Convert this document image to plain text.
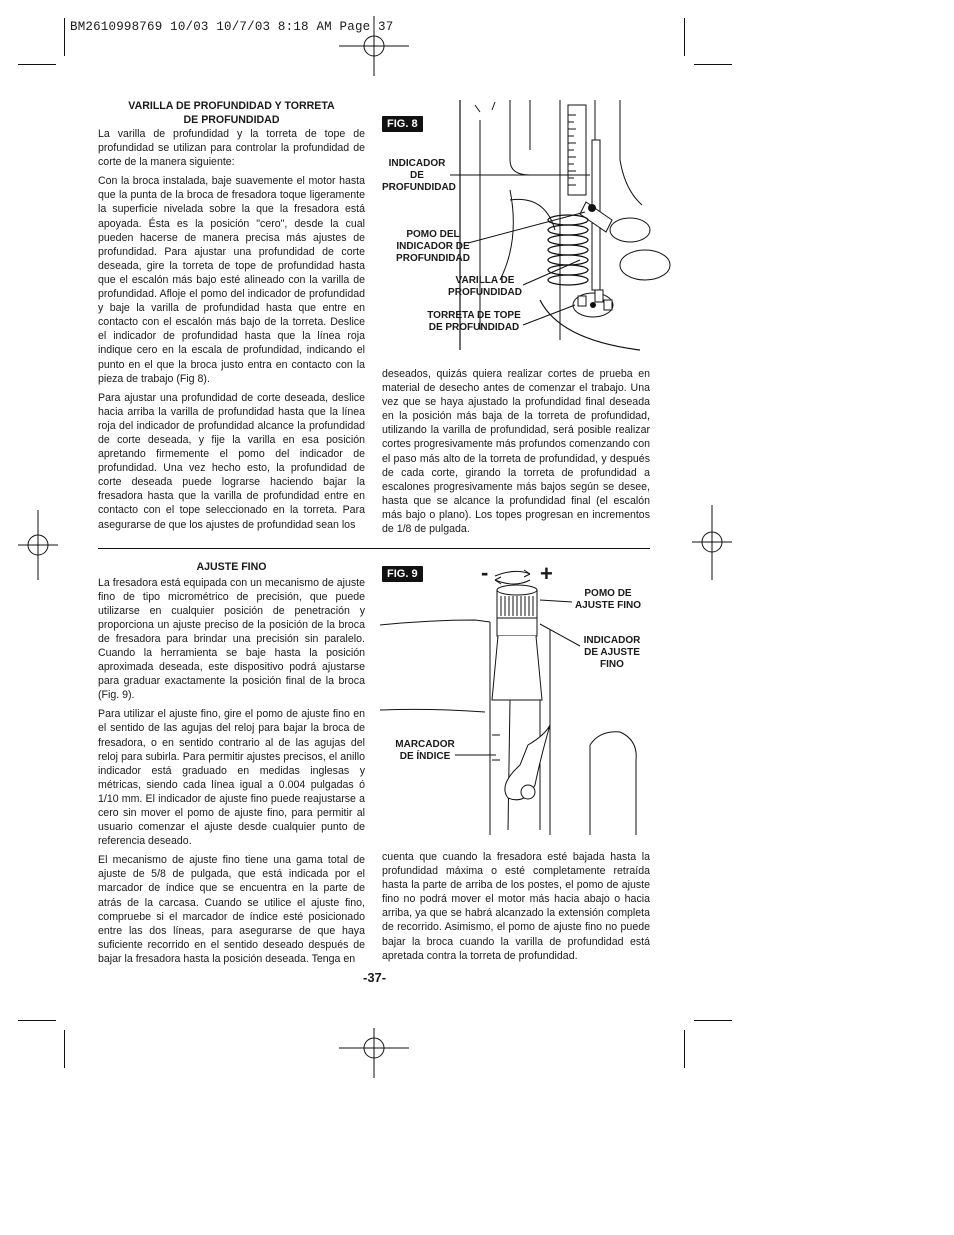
BM2610998769 10/03 10/7/03 8:18 AM Page 37

VARILLA DE PROFUNDIDAD Y TORRETA

DE PROFUNDIDAD

La varilla de profundidad y la torreta de tope de profundidad se utilizan para controlar la profundidad de corte de la manera siguiente:

Con la broca instalada, baje suavemente el motor hasta que la punta de la broca de fresadora toque ligeramente la superficie nivelada sobre la que la fresadora está apoyada. Ésta es la posición "cero", desde la cual pueden hacerse de manera precisa más ajustes de profundidad. Para ajustar una profundidad de corte deseada, gire la torreta de tope de profundidad hasta que el escalón más bajo esté alineado con la varilla de profundidad. Afloje el pomo del indicador de profundidad y baje la varilla de profundidad hasta que entre en contacto con el escalón más bajo de la torreta. Deslice el indicador de profundidad hasta que la línea roja indique cero en la escala de profundidad, indicando el punto en el que la broca justo entra en contacto con la pieza de trabajo (Fig 8).

Para ajustar una profundidad de corte deseada, deslice hacia arriba la varilla de profundidad hasta que la línea roja del indicador de profundidad alcance la profundidad de corte deseada, y fije la varilla en esa posición apretando firmemente el pomo del indicador de profundidad. Una vez hecho esto, la profundidad de corte deseada puede lograrse haciendo bajar la fresadora hasta que la varilla de profundidad entre en contacto con el tope seleccionado en la torreta. Para asegurarse de que los ajustes de profundidad sean los

FIG. 8
INDICADOR DE PROFUNDIDAD
POMO DEL INDICADOR DE PROFUNDIDAD
VARILLA DE PROFUNDIDAD
TORRETA DE TOPE DE PROFUNDIDAD

deseados, quizás quiera realizar cortes de prueba en material de desecho antes de comenzar el trabajo. Una vez que se haya ajustado la profundidad final deseada en la posición más baja de la torreta de profundidad, utilizando la varilla de profundidad, será posible realizar cortes progresivamente más profundos comenzando con el paso más alto de la torreta de profundidad, y después de cada corte, girando la torreta de profundidad a escalones progresivamente más bajos según se desee, hasta que se alcance la profundidad final (el escalón más bajo o plano). Los topes progresan en incrementos de 1/8 de pulgada.

AJUSTE FINO

La fresadora está equipada con un mecanismo de ajuste fino de tipo micrométrico de precisión, que puede utilizarse en cualquier posición de penetración y proporciona un ajuste preciso de la posición de la broca de fresadora para brindar una precisión sin paralelo. Cuando la herramienta se baje hasta la posición aproximada deseada, este dispositivo podrá ajustarse para graduar exactamente la posición final de la broca (Fig. 9).

Para utilizar el ajuste fino, gire el pomo de ajuste fino en el sentido de las agujas del reloj para bajar la broca de fresadora, o en sentido contrario al de las agujas del reloj para subirla. Para permitir ajustes precisos, el anillo indicador está graduado en medidas inglesas y métricas, siendo cada línea igual a 0.004 pulgadas ó 1/10 mm. El indicador de ajuste fino puede reajustarse a cero sin mover el pomo de ajuste fino, para permitir al usuario comenzar el ajuste desde cualquier punto de referencia deseado.

El mecanismo de ajuste fino tiene una gama total de ajuste de 5/8 de pulgada, que está indicada por el marcador de índice que se encuentra en la parte de atrás de la carcasa. Cuando se utilice el ajuste fino, compruebe si el marcador de índice esté posicionado entre las dos líneas, para asegurarse de que haya suficiente recorrido en el sentido deseado después de bajar la fresadora hasta la posición deseada. Tenga en

FIG. 9	- +
POMO DE AJUSTE FINO
INDICADOR DE AJUSTE FINO
MARCADOR DE ÍNDICE

cuenta que cuando la fresadora esté bajada hasta la profundidad máxima o esté completamente retraída hasta la parte de arriba de los postes, el pomo de ajuste fino no podrá mover el motor más hacia abajo o hacia arriba, ya que se habrá alcanzado la extensión completa de recorrido. Asimismo, el pomo de ajuste fino no puede bajar la broca cuando la varilla de profundidad está apretada contra la torreta de profundidad.

-37-
